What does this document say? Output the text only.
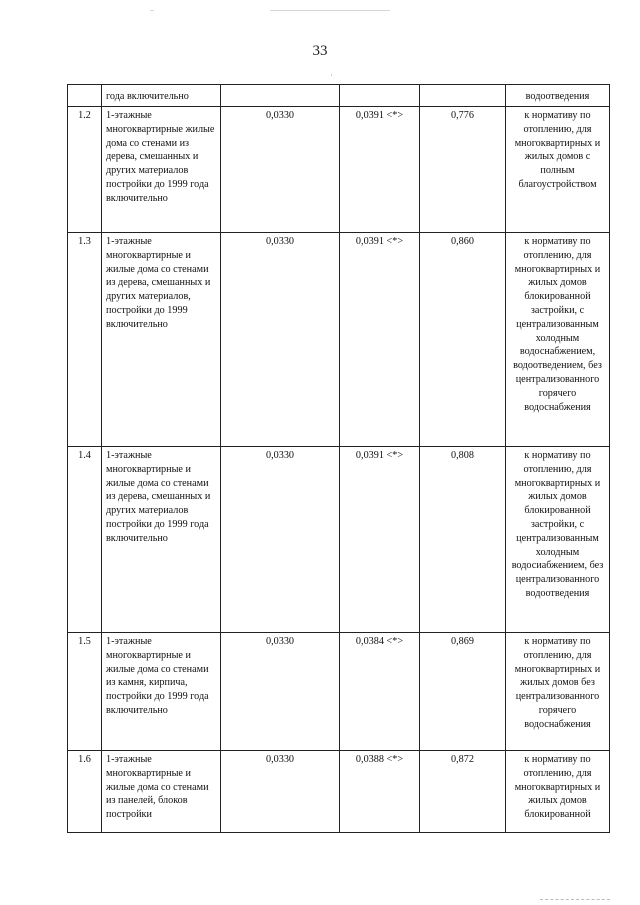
33
·
	года включительно				водоотведения
1.2	1-этажные многоквартирные жилые дома со стенами из дерева, смешанных и других материалов постройки до 1999 года включительно	0,0330	0,0391 <*>	0,776	к нормативу по отоплению, для многоквартирных и жилых домов с полным благоустройством
1.3	1-этажные многоквартирные и жилые дома со стенами из дерева, смешанных и других материалов, постройки до 1999 включительно	0,0330	0,0391 <*>	0,860	к нормативу по отоплению, для многоквартирных и жилых домов блокированной застройки, с централизованным холодным водоснабжением, водоотведением, без централизованного горячего водоснабжения
1.4	1-этажные многоквартирные и жилые дома со стенами из дерева, смешанных и других материалов постройки до 1999 года включительно	0,0330	0,0391 <*>	0,808	к нормативу по отоплению, для многоквартирных и жилых домов блокированной застройки, с централизованным холодным водосиабжением, без централизованного водоотведения
1.5	1-этажные многоквартирные и жилые дома со стенами из камня, кирпича, постройки до 1999 года включительно	0,0330	0,0384 <*>	0,869	к нормативу по отоплению, для многоквартирных и жилых домов без централизованного горячего водоснабжения
1.6	1-этажные многоквартирные и жилые дома со стенами из панелей, блоков постройки	0,0330	0,0388 <*>	0,872	к нормативу по отоплению, для многоквартирных и жилых домов блокированной
